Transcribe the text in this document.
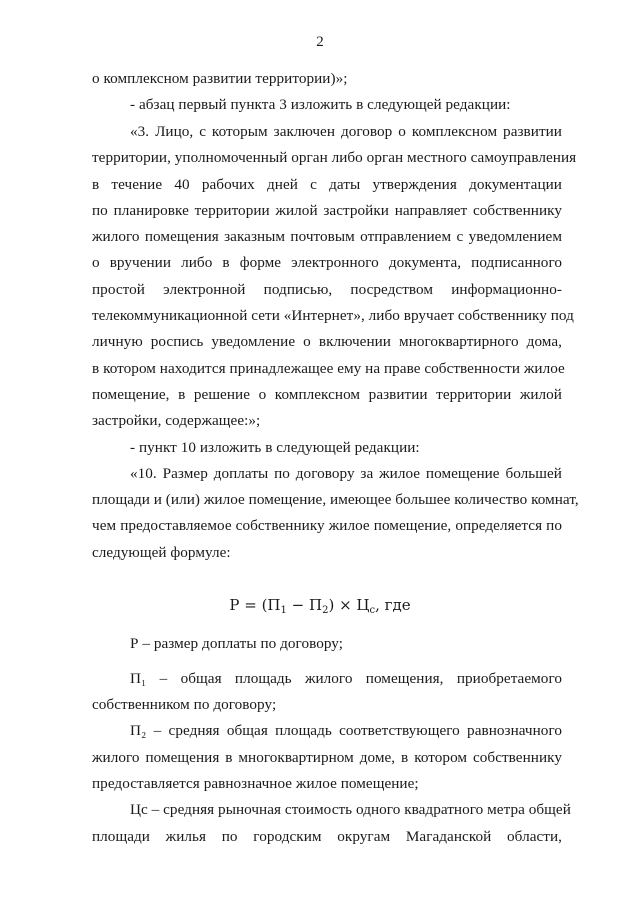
2
о комплексном развитии территории)»;
- абзац первый пункта 3 изложить в следующей редакции:
«3. Лицо, с которым заключен договор о комплексном развитии
территории, уполномоченный орган либо орган местного самоуправления
в течение 40 рабочих дней с даты утверждения документации
по планировке территории жилой застройки направляет собственнику
жилого помещения заказным почтовым отправлением с уведомлением
о вручении либо в форме электронного документа, подписанного
простой электронной подписью, посредством информационно-
телекоммуникационной сети «Интернет», либо вручает собственнику под
личную роспись уведомление о включении многоквартирного дома,
в котором находится принадлежащее ему на праве собственности жилое
помещение, в решение о комплексном развитии территории жилой
застройки, содержащее:»;
- пункт 10 изложить в следующей редакции:
«10. Размер доплаты по договору за жилое помещение большей
площади и (или) жилое помещение, имеющее большее количество комнат,
чем предоставляемое собственнику жилое помещение, определяется по
следующей формуле:
$P = (П_1 - П_2) \times Ц_с$, где
Р – размер доплаты по договору;
П₁ – общая площадь жилого помещения, приобретаемого
собственником по договору;
П₂ – средняя общая площадь соответствующего равнозначного
жилого помещения в многоквартирном доме, в котором собственнику
предоставляется равнозначное жилое помещение;
Цс – средняя рыночная стоимость одного квадратного метра общей
площади жилья по городским округам Магаданской области,
